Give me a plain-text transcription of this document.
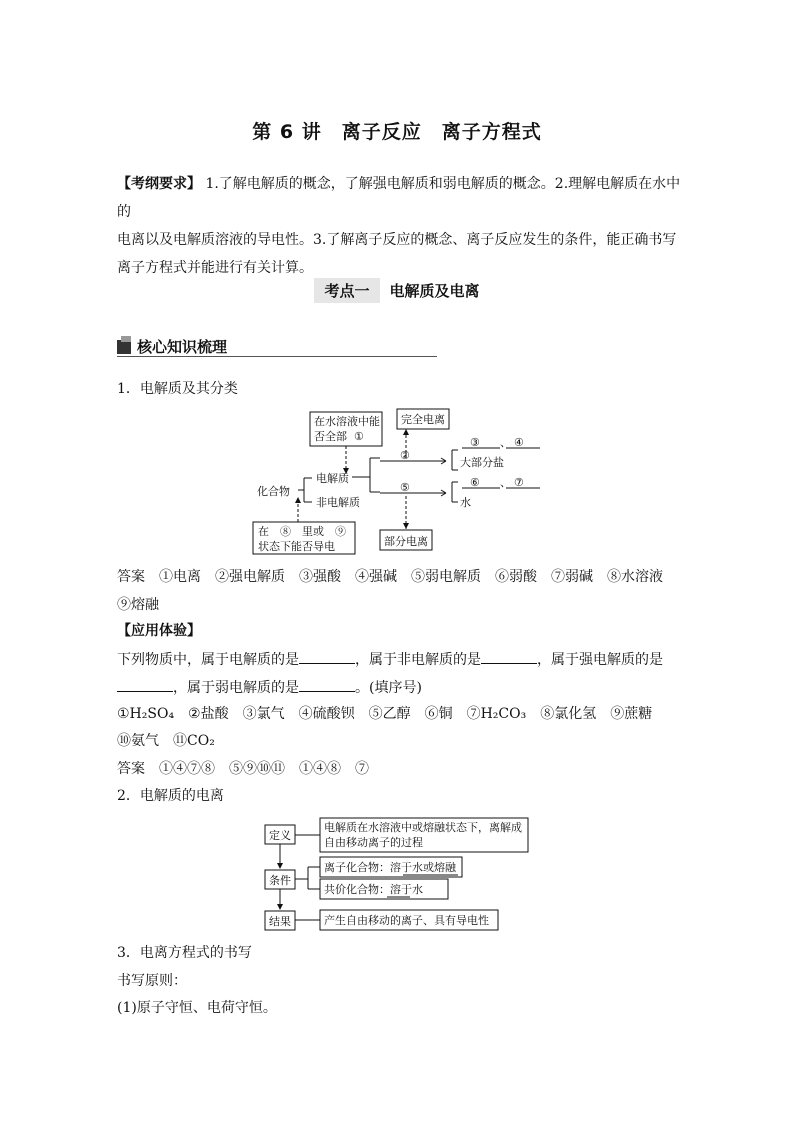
第 6 讲　离子反应　离子方程式
【考纲要求】 1.了解电解质的概念，了解强电解质和弱电解质的概念。2.理解电解质在水中的
电离以及电解质溶液的导电性。3.了解离子反应的概念、离子反应发生的条件，能正确书写
离子方程式并能进行有关计算。
考点一 电解质及电离
核心知识梳理
1．电解质及其分类
在水溶液中能
否全部 ①
完全电离
化合物
电解质
非电解质
②
⑤
③ 、 ④
大部分盐
⑥ 、 ⑦
水
在　⑧　里或　⑨
状态下能否导电	部分电离
定义
电解质在水溶液中或熔融状态下，离解成
自由移动离子的过程
条件
离子化合物： 溶于水或熔融
共价化合物： 溶于水
结果	产生自由移动的离子、具有导电性
答案　 ①电离　②强电解质　③强酸　④强碱　⑤弱电解质　⑥弱酸　⑦弱碱　⑧水溶液
⑨熔融
【应用体验】
下列物质中，属于电解质的是	，属于非电解质的是	，属于强电解质的是
，属于弱电解质的是	。(填序号)
①H₂SO₄　②盐酸　③氯气　④硫酸钡　⑤乙醇　⑥铜　⑦H₂CO₃　⑧氯化氢　⑨蔗糖
⑩氨气　⑪CO₂
答案　 ①④⑦⑧　⑤⑨⑩⑪　①④⑧　⑦
2．电解质的电离
3．电离方程式的书写
书写原则：
(1)原子守恒、电荷守恒。
